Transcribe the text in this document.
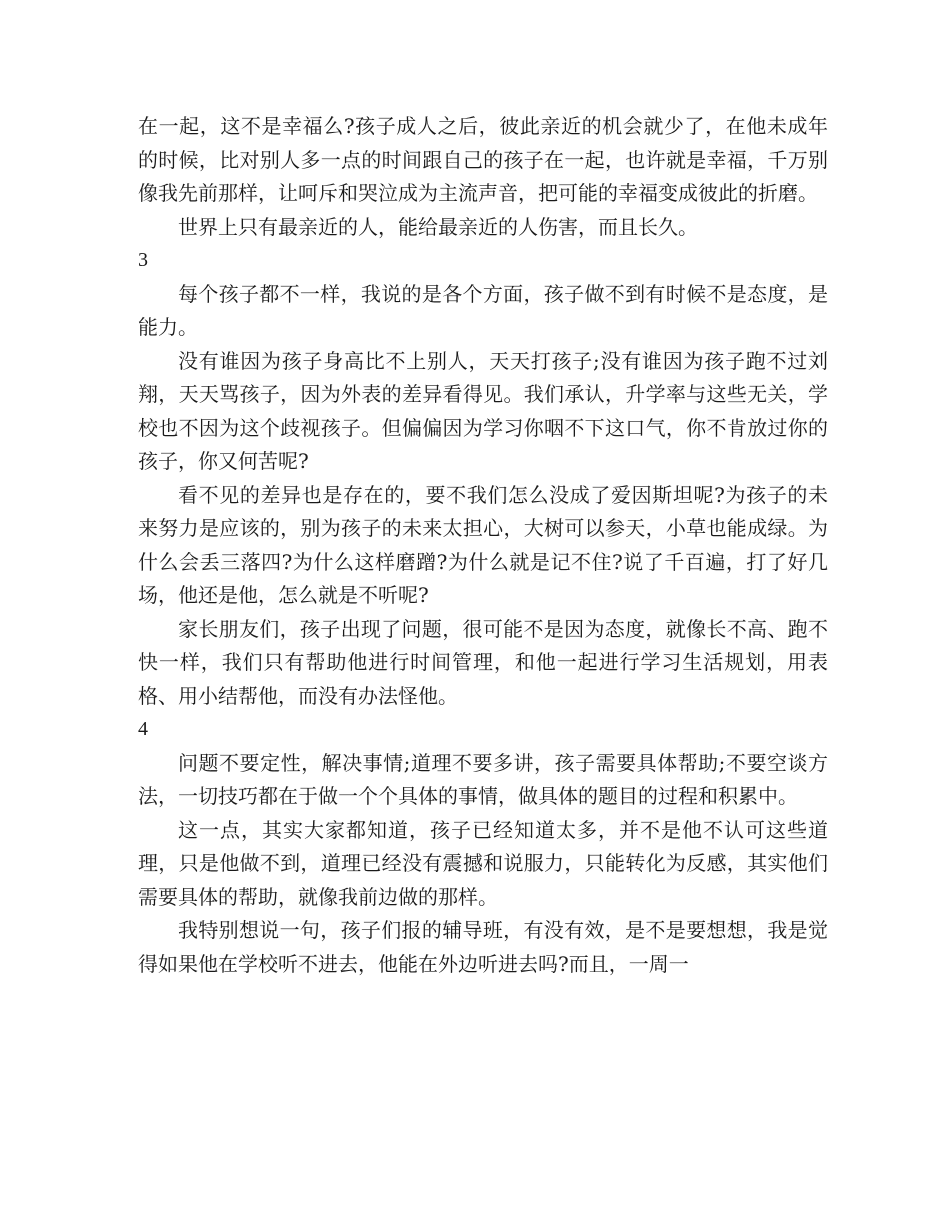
在一起，这不是幸福么?孩子成人之后，彼此亲近的机会就少了，在他未成年的时候，比对别人多一点的时间跟自己的孩子在一起，也许就是幸福，千万别像我先前那样，让呵斥和哭泣成为主流声音，把可能的幸福变成彼此的折磨。

世界上只有最亲近的人，能给最亲近的人伤害，而且长久。

3

每个孩子都不一样，我说的是各个方面，孩子做不到有时候不是态度，是能力。

没有谁因为孩子身高比不上别人，天天打孩子;没有谁因为孩子跑不过刘翔，天天骂孩子，因为外表的差异看得见。我们承认，升学率与这些无关，学校也不因为这个歧视孩子。但偏偏因为学习你咽不下这口气，你不肯放过你的孩子，你又何苦呢?

看不见的差异也是存在的，要不我们怎么没成了爱因斯坦呢?为孩子的未来努力是应该的，别为孩子的未来太担心，大树可以参天，小草也能成绿。为什么会丢三落四?为什么这样磨蹭?为什么就是记不住?说了千百遍，打了好几场，他还是他，怎么就是不听呢?

家长朋友们，孩子出现了问题，很可能不是因为态度，就像长不高、跑不快一样，我们只有帮助他进行时间管理，和他一起进行学习生活规划，用表格、用小结帮他，而没有办法怪他。

4

问题不要定性，解决事情;道理不要多讲，孩子需要具体帮助;不要空谈方法，一切技巧都在于做一个个具体的事情，做具体的题目的过程和积累中。

这一点，其实大家都知道，孩子已经知道太多，并不是他不认可这些道理，只是他做不到，道理已经没有震撼和说服力，只能转化为反感，其实他们需要具体的帮助，就像我前边做的那样。

我特别想说一句，孩子们报的辅导班，有没有效，是不是要想想，我是觉得如果他在学校听不进去，他能在外边听进去吗?而且，一周一
